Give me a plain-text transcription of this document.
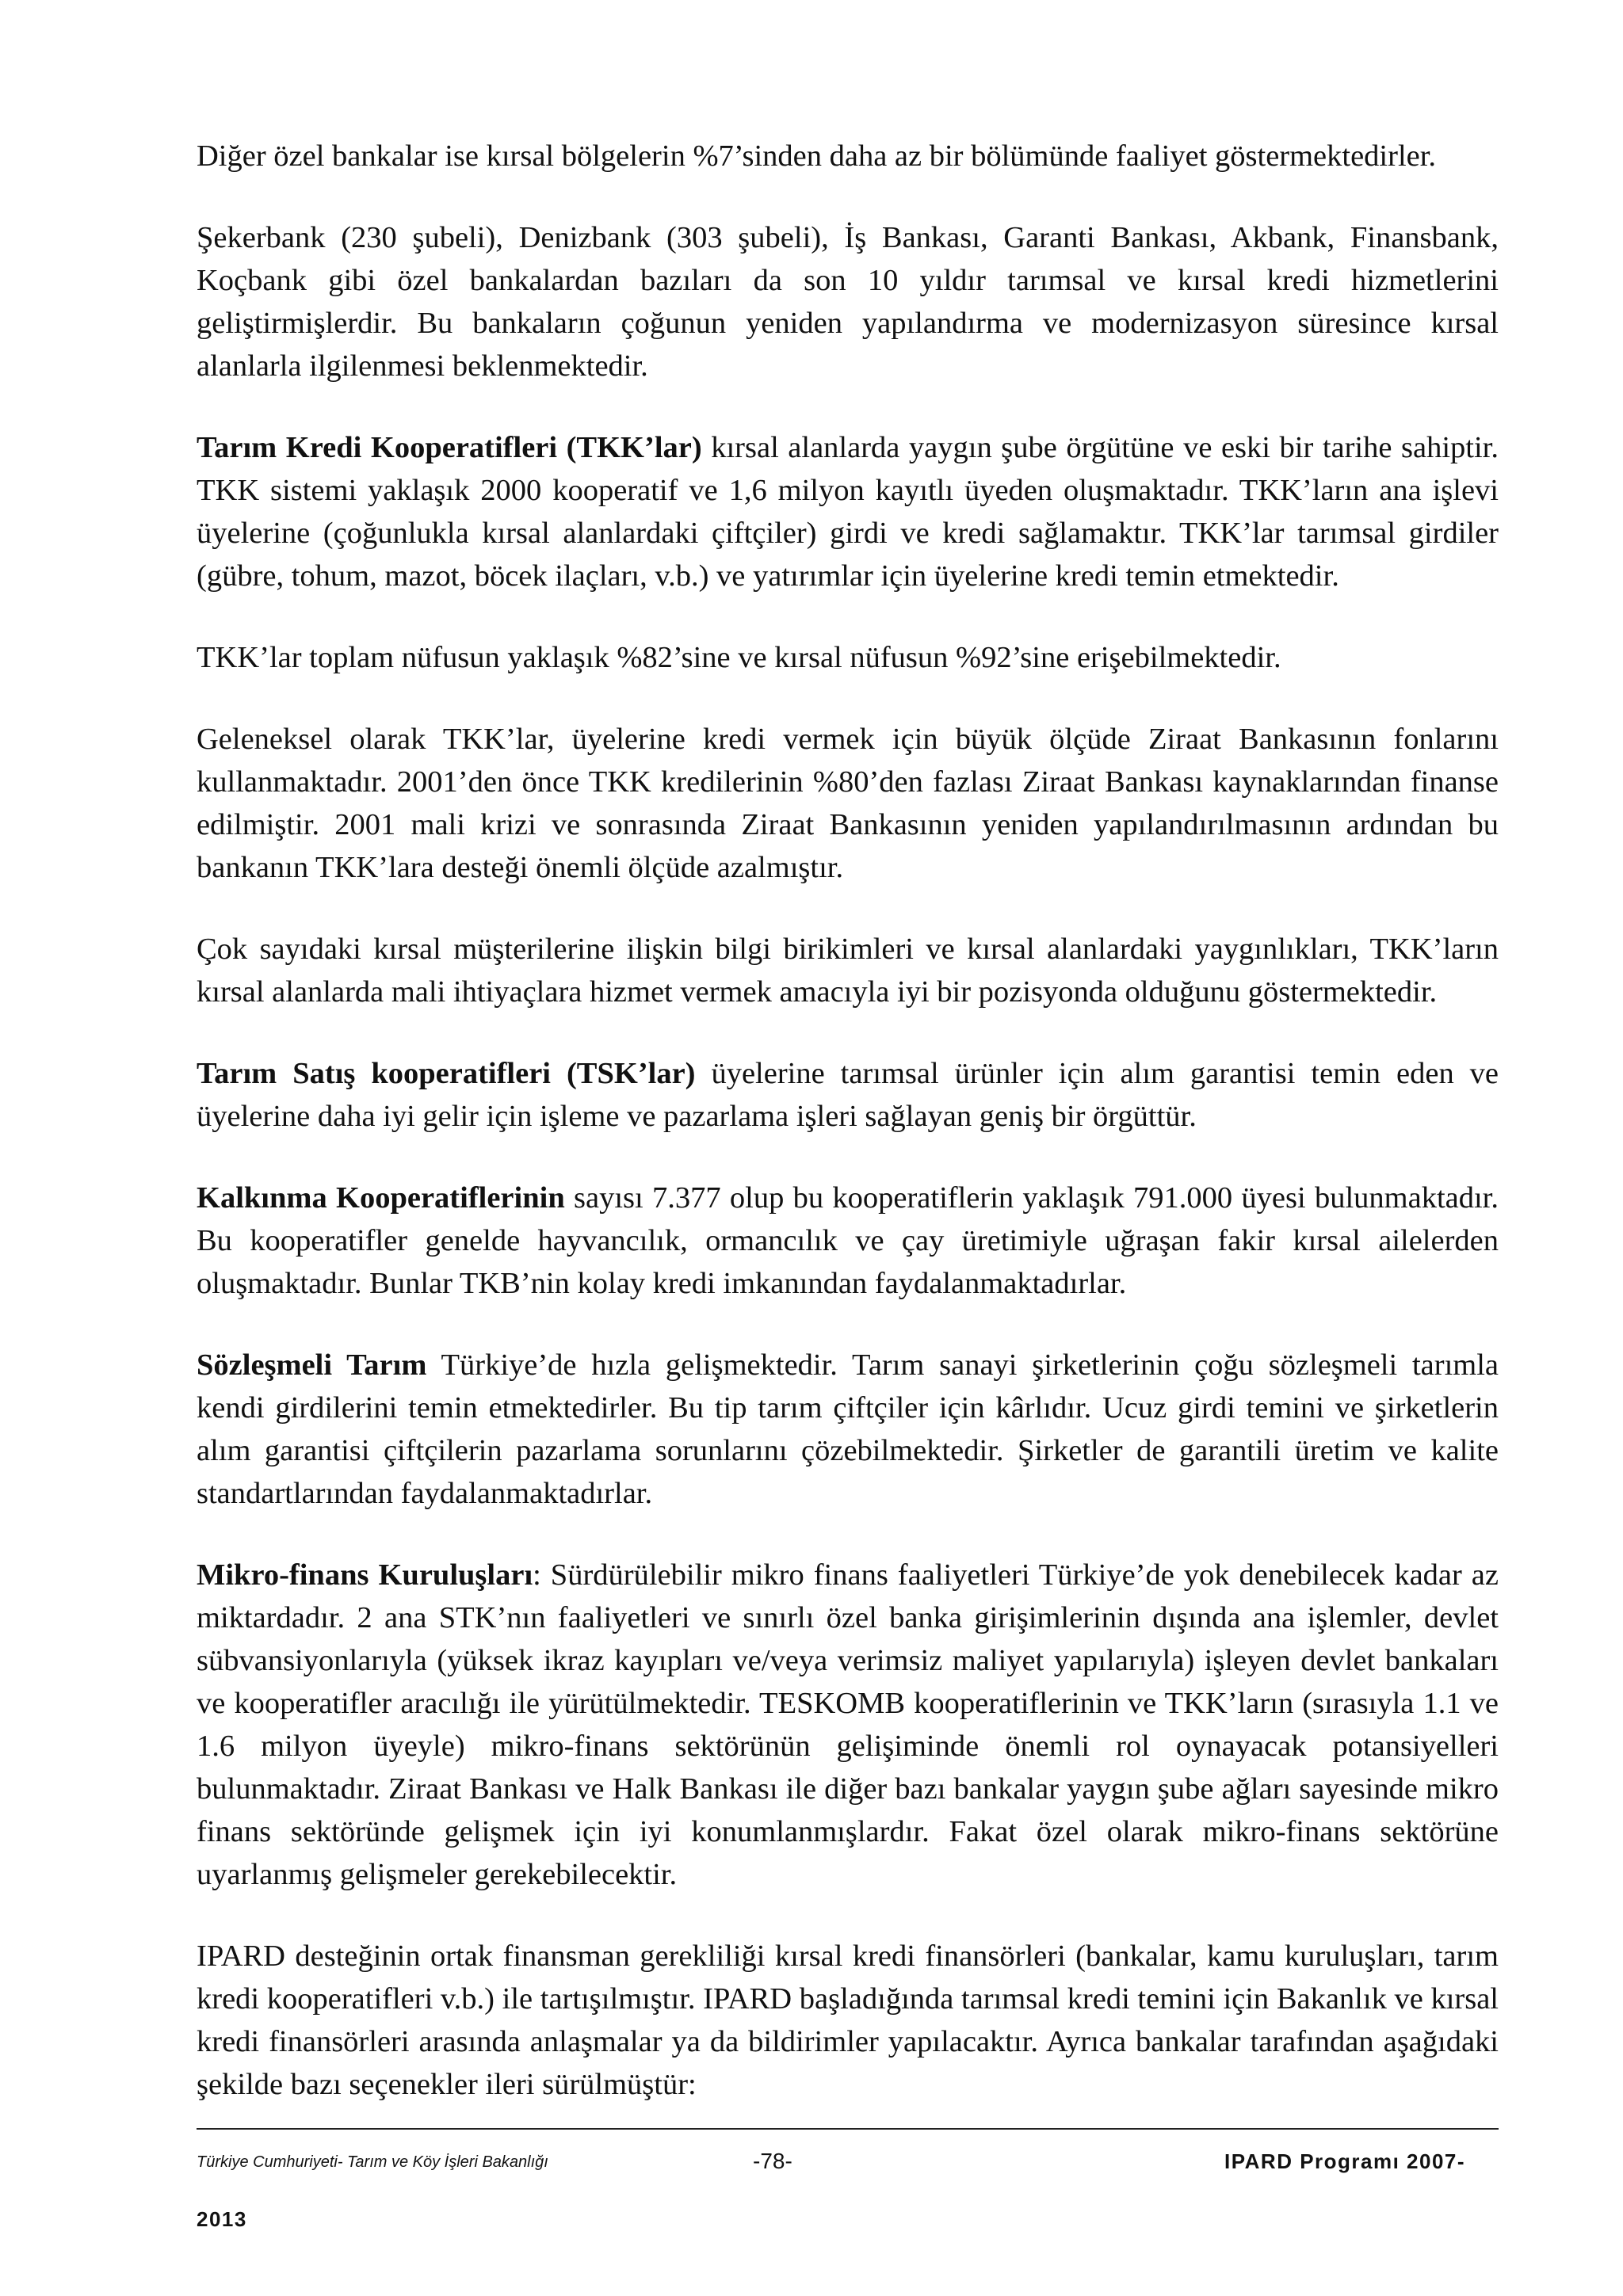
Diğer özel bankalar ise kırsal bölgelerin %7’sinden daha az bir bölümünde faaliyet göstermektedirler.

Şekerbank (230 şubeli), Denizbank (303 şubeli), İş Bankası, Garanti Bankası, Akbank, Finansbank, Koçbank gibi özel bankalardan bazıları da son 10 yıldır tarımsal ve kırsal kredi hizmetlerini geliştirmişlerdir. Bu bankaların çoğunun yeniden yapılandırma ve modernizasyon süresince kırsal alanlarla ilgilenmesi beklenmektedir.

Tarım Kredi Kooperatifleri (TKK’lar) kırsal alanlarda yaygın şube örgütüne ve eski bir tarihe sahiptir. TKK sistemi yaklaşık 2000 kooperatif ve 1,6 milyon kayıtlı üyeden oluşmaktadır. TKK’ların ana işlevi üyelerine (çoğunlukla kırsal alanlardaki çiftçiler) girdi ve kredi sağlamaktır. TKK’lar tarımsal girdiler (gübre, tohum, mazot, böcek ilaçları, v.b.) ve yatırımlar için üyelerine kredi temin etmektedir.

TKK’lar toplam nüfusun yaklaşık %82’sine ve kırsal nüfusun %92’sine erişebilmektedir.

Geleneksel olarak TKK’lar, üyelerine kredi vermek için büyük ölçüde Ziraat Bankasının fonlarını kullanmaktadır. 2001’den önce TKK kredilerinin %80’den fazlası Ziraat Bankası kaynaklarından finanse edilmiştir. 2001 mali krizi ve sonrasında Ziraat Bankasının yeniden yapılandırılmasının ardından bu bankanın TKK’lara desteği önemli ölçüde azalmıştır.

Çok sayıdaki kırsal müşterilerine ilişkin bilgi birikimleri ve kırsal alanlardaki yaygınlıkları, TKK’ların kırsal alanlarda mali ihtiyaçlara hizmet vermek amacıyla iyi bir pozisyonda olduğunu göstermektedir.

Tarım Satış kooperatifleri (TSK’lar) üyelerine tarımsal ürünler için alım garantisi temin eden ve üyelerine daha iyi gelir için işleme ve pazarlama işleri sağlayan geniş bir örgüttür.

Kalkınma Kooperatiflerinin sayısı 7.377 olup bu kooperatiflerin yaklaşık 791.000 üyesi bulunmaktadır. Bu kooperatifler genelde hayvancılık, ormancılık ve çay üretimiyle uğraşan fakir kırsal ailelerden oluşmaktadır. Bunlar TKB’nin kolay kredi imkanından faydalanmaktadırlar.

Sözleşmeli Tarım Türkiye’de hızla gelişmektedir. Tarım sanayi şirketlerinin çoğu sözleşmeli tarımla kendi girdilerini temin etmektedirler. Bu tip tarım çiftçiler için kârlıdır. Ucuz girdi temini ve şirketlerin alım garantisi çiftçilerin pazarlama sorunlarını çözebilmektedir. Şirketler de garantili üretim ve kalite standartlarından faydalanmaktadırlar.

Mikro-finans Kuruluşları: Sürdürülebilir mikro finans faaliyetleri Türkiye’de yok denebilecek kadar az miktardadır. 2 ana STK’nın faaliyetleri ve sınırlı özel banka girişimlerinin dışında ana işlemler, devlet sübvansiyonlarıyla (yüksek ikraz kayıpları ve/veya verimsiz maliyet yapılarıyla) işleyen devlet bankaları ve kooperatifler aracılığı ile yürütülmektedir. TESKOMB kooperatiflerinin ve TKK’ların (sırasıyla 1.1 ve 1.6 milyon üyeyle) mikro-finans sektörünün gelişiminde önemli rol oynayacak potansiyelleri bulunmaktadır. Ziraat Bankası ve Halk Bankası ile diğer bazı bankalar yaygın şube ağları sayesinde mikro finans sektöründe gelişmek için iyi konumlanmışlardır. Fakat özel olarak mikro-finans sektörüne uyarlanmış gelişmeler gerekebilecektir.

IPARD desteğinin ortak finansman gerekliliği kırsal kredi finansörleri (bankalar, kamu kuruluşları, tarım kredi kooperatifleri v.b.) ile tartışılmıştır. IPARD başladığında tarımsal kredi temini için Bakanlık ve kırsal kredi finansörleri arasında anlaşmalar ya da bildirimler yapılacaktır. Ayrıca bankalar tarafından aşağıdaki şekilde bazı seçenekler ileri sürülmüştür:

Türkiye Cumhuriyeti- Tarım ve Köy İşleri Bakanlığı	-78-	IPARD Programı 2007-
2013
